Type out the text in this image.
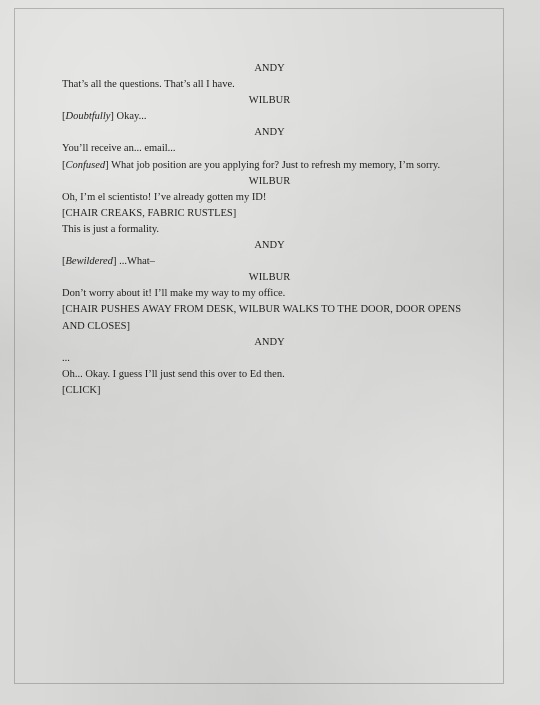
ANDY

That’s all the questions. That’s all I have.

WILBUR

[Doubtfully] Okay...

ANDY

You’ll receive an... email...

[Confused] What job position are you applying for? Just to refresh my memory, I’m sorry.

WILBUR

Oh, I’m el scientisto! I’ve already gotten my ID!

[CHAIR CREAKS, FABRIC RUSTLES]

This is just a formality.

ANDY

[Bewildered] ...What–

WILBUR

Don’t worry about it! I’ll make my way to my office.

[CHAIR PUSHES AWAY FROM DESK, WILBUR WALKS TO THE DOOR, DOOR OPENS AND CLOSES]

ANDY

...

Oh... Okay. I guess I’ll just send this over to Ed then.

[CLICK]
